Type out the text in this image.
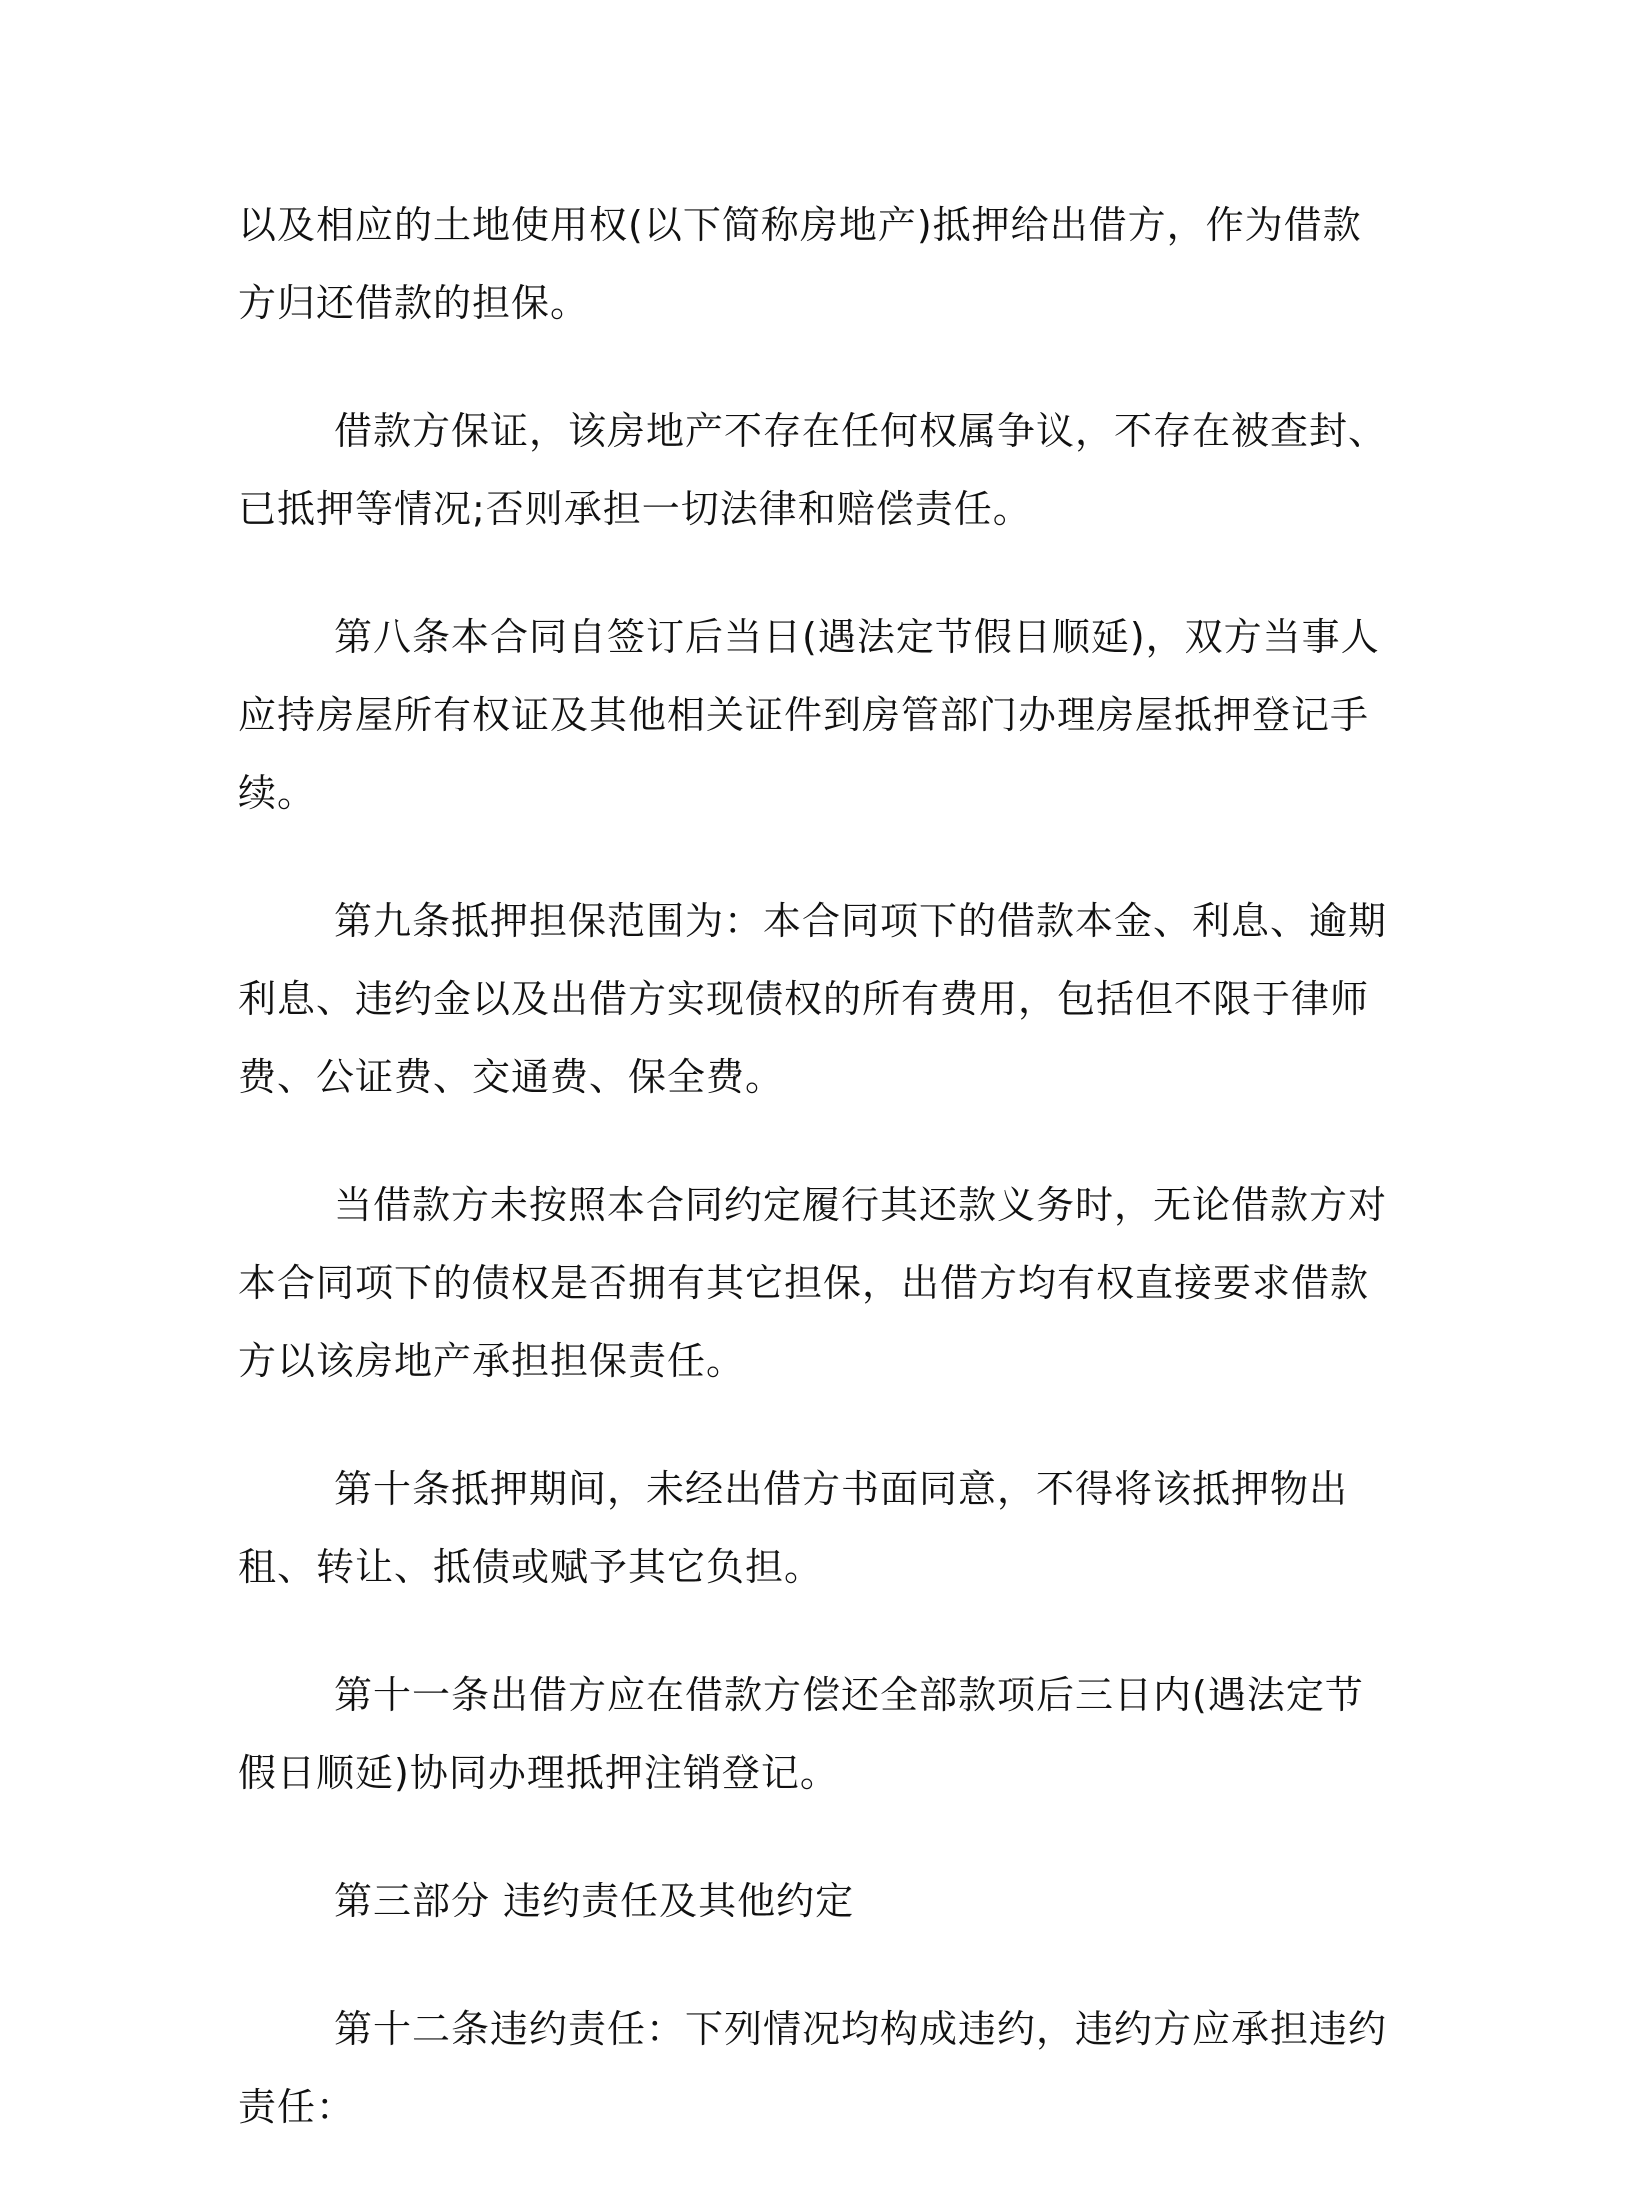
以及相应的土地使用权(以下简称房地产)抵押给出借方，作为借款方归还借款的担保。

借款方保证，该房地产不存在任何权属争议，不存在被查封、已抵押等情况;否则承担一切法律和赔偿责任。

第八条本合同自签订后当日(遇法定节假日顺延)，双方当事人应持房屋所有权证及其他相关证件到房管部门办理房屋抵押登记手续。

第九条抵押担保范围为：本合同项下的借款本金、利息、逾期利息、违约金以及出借方实现债权的所有费用，包括但不限于律师费、公证费、交通费、保全费。

当借款方未按照本合同约定履行其还款义务时，无论借款方对本合同项下的债权是否拥有其它担保，出借方均有权直接要求借款方以该房地产承担担保责任。

第十条抵押期间，未经出借方书面同意，不得将该抵押物出租、转让、抵债或赋予其它负担。

第十一条出借方应在借款方偿还全部款项后三日内(遇法定节假日顺延)协同办理抵押注销登记。

第三部分 违约责任及其他约定

第十二条违约责任：下列情况均构成违约，违约方应承担违约责任：
